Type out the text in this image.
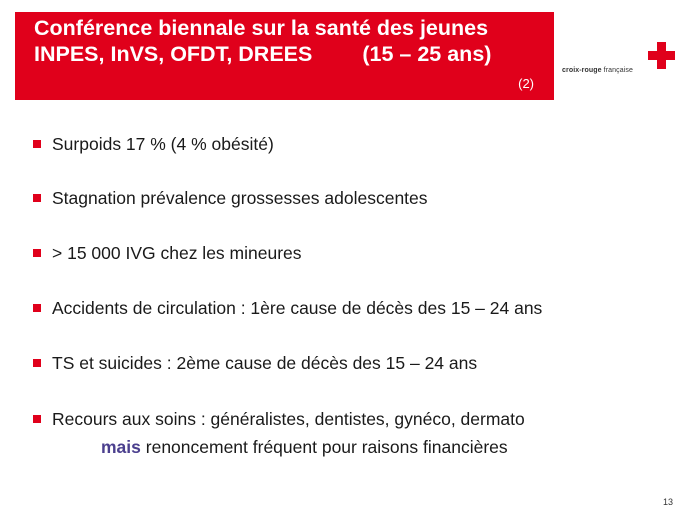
Conférence biennale sur la santé des jeunes
INPES, InVS, OFDT, DREES (15 – 25 ans)
(2)
croix-rouge française
Surpoids 17 % (4 % obésité)
Stagnation prévalence grossesses adolescentes
> 15 000 IVG chez les mineures
Accidents de circulation : 1ère cause de décès des 15 – 24 ans
TS et suicides : 2ème cause de décès des 15 – 24 ans
Recours aux soins : généralistes, dentistes, gynéco, dermato
mais renoncement fréquent pour raisons financières
13
